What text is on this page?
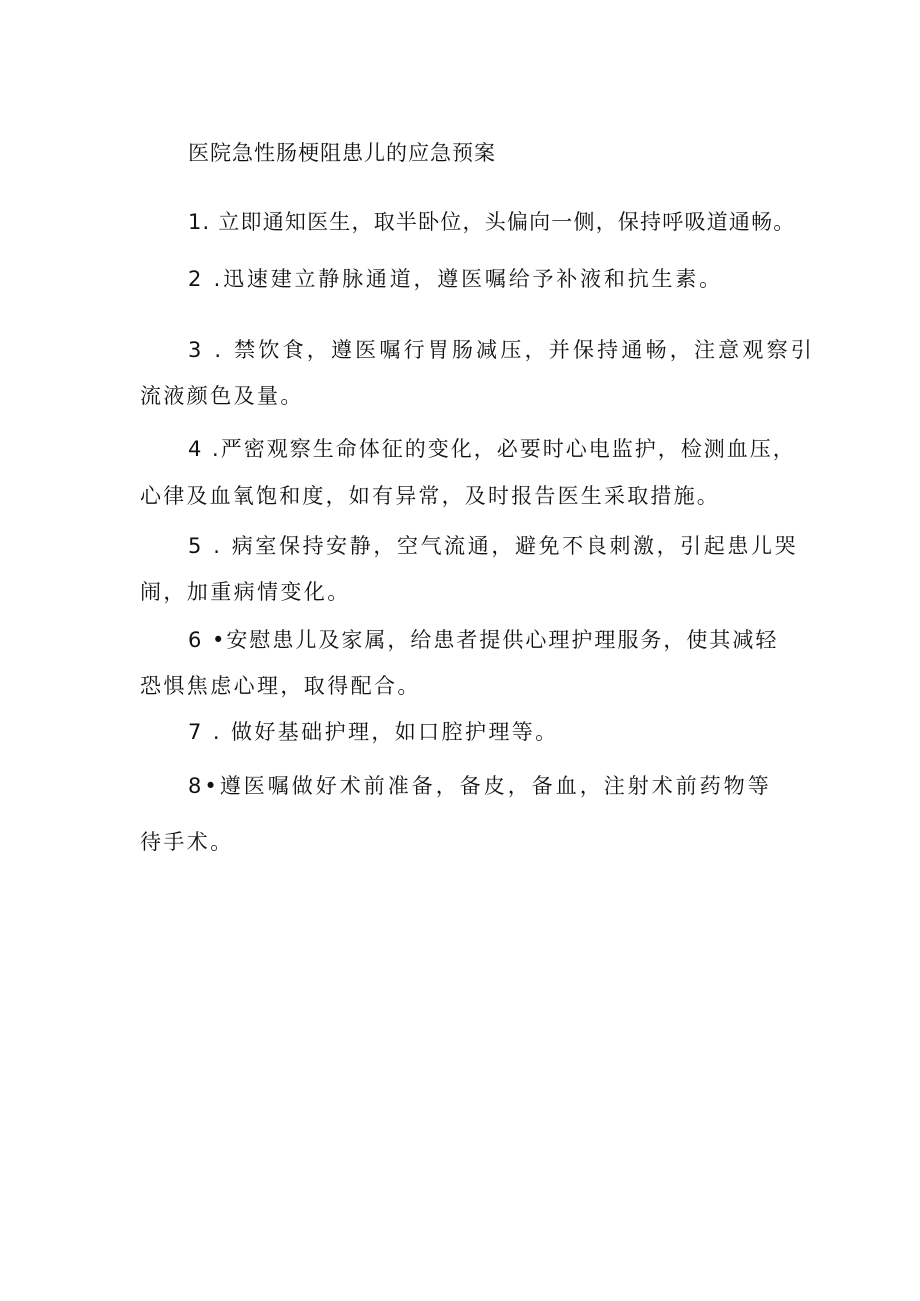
医院急性肠梗阻患儿的应急预案
1. 立即通知医生，取半卧位，头偏向一侧，保持呼吸道通畅。
2 .迅速建立静脉通道，遵医嘱给予补液和抗生素。
3 . 禁饮食，遵医嘱行胃肠减压，并保持通畅，注意观察引
流液颜色及量。
4 .严密观察生命体征的变化，必要时心电监护，检测血压，
心律及血氧饱和度，如有异常，及时报告医生采取措施。
5 . 病室保持安静，空气流通，避免不良刺激，引起患儿哭
闹，加重病情变化。
6 •安慰患儿及家属，给患者提供心理护理服务，使其减轻
恐惧焦虑心理，取得配合。
7 . 做好基础护理，如口腔护理等。
8•遵医嘱做好术前准备，备皮，备血，注射术前药物等
待手术。
